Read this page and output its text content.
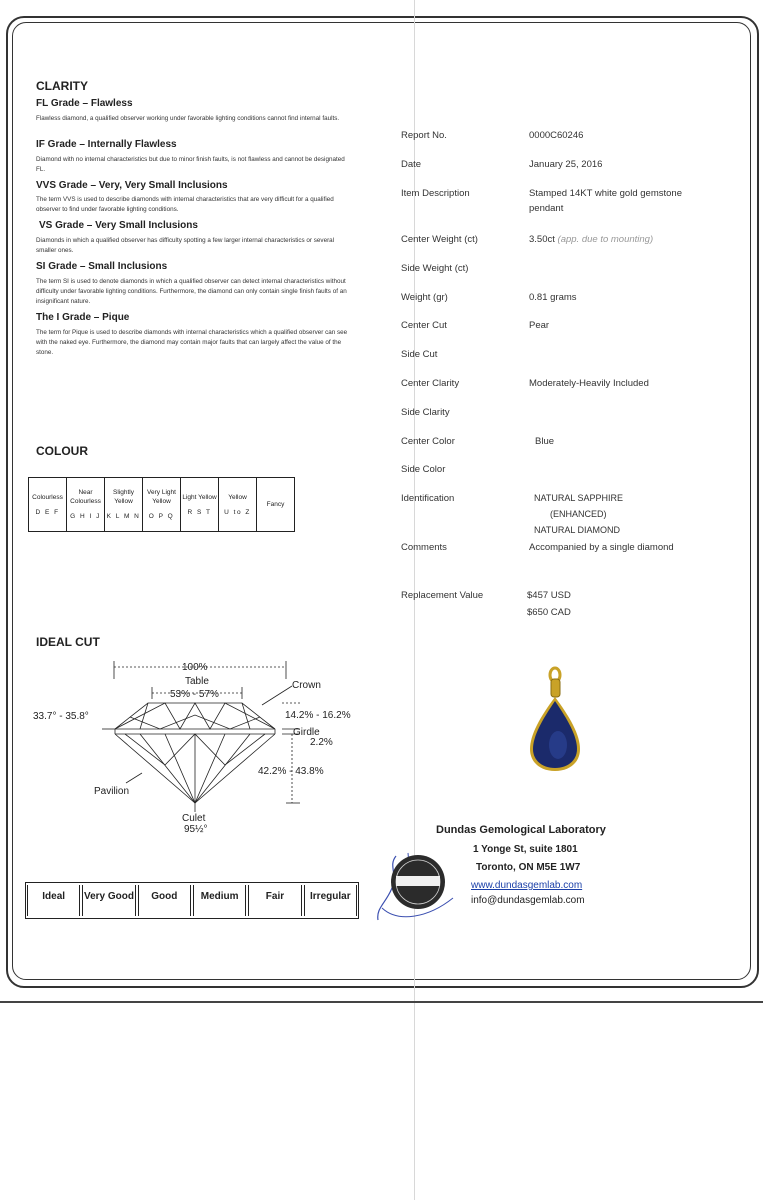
CLARITY
FL Grade – Flawless
Flawless diamond, a qualified observer working under favorable lighting conditions cannot find internal faults.
IF Grade – Internally Flawless
Diamond with no internal characteristics but due to minor finish faults, is not flawless and cannot be designated FL.
VVS Grade – Very, Very Small Inclusions
The term VVS is used to describe diamonds with internal characteristics that are very difficult for a qualified observer to find under favorable lighting conditions.
VS Grade – Very Small Inclusions
Diamonds in which a qualified observer has difficulty spotting a few larger internal characteristics or several smaller ones.
SI Grade – Small Inclusions
The term SI is used to denote diamonds in which a qualified observer can detect internal characteristics without difficulty under favorable lighting conditions. Furthermore, the diamond can only contain single finish faults of an insignificant nature.
The I Grade – Pique
The term for Pique is used to describe diamonds with internal characteristics which a qualified observer can see with the naked eye. Furthermore, the diamond may contain major faults that can largely affect the value of the stone.
COLOUR
Colourless
D E F

Near Colourless
G H I J

Slightly Yellow
K L M N

Very Light Yellow
O P Q

Light Yellow
R S T

Yellow
U to Z

Fancy
IDEAL CUT
100%
Table
53% - 57%
Crown
33.7° - 35.8°	14.2% - 16.2%
Girdle
2.2%
42.2% - 43.8%
Pavilion
Culet
95½°
Ideal	Very Good	Good	Medium	Fair	Irregular
Report No.	0000C60246
Date	January 25, 2016
Item Description	Stamped 14KT white gold gemstone pendant
Center Weight (ct)	3.50ct (app. due to mounting)
Side Weight (ct)
Weight (gr)	0.81 grams
Center Cut	Pear
Side Cut
Center Clarity	Moderately-Heavily Included
Side Clarity
Center Color	Blue
Side Color
Identification	NATURAL SAPPHIRE
(ENHANCED)
NATURAL DIAMOND
Comments	Accompanied by a single diamond
Replacement Value	$457 USD
$650 CAD
Dundas Gemological Laboratory
1 Yonge St, suite 1801
Toronto, ON M5E 1W7
www.dundasgemlab.com
info@dundasgemlab.com
